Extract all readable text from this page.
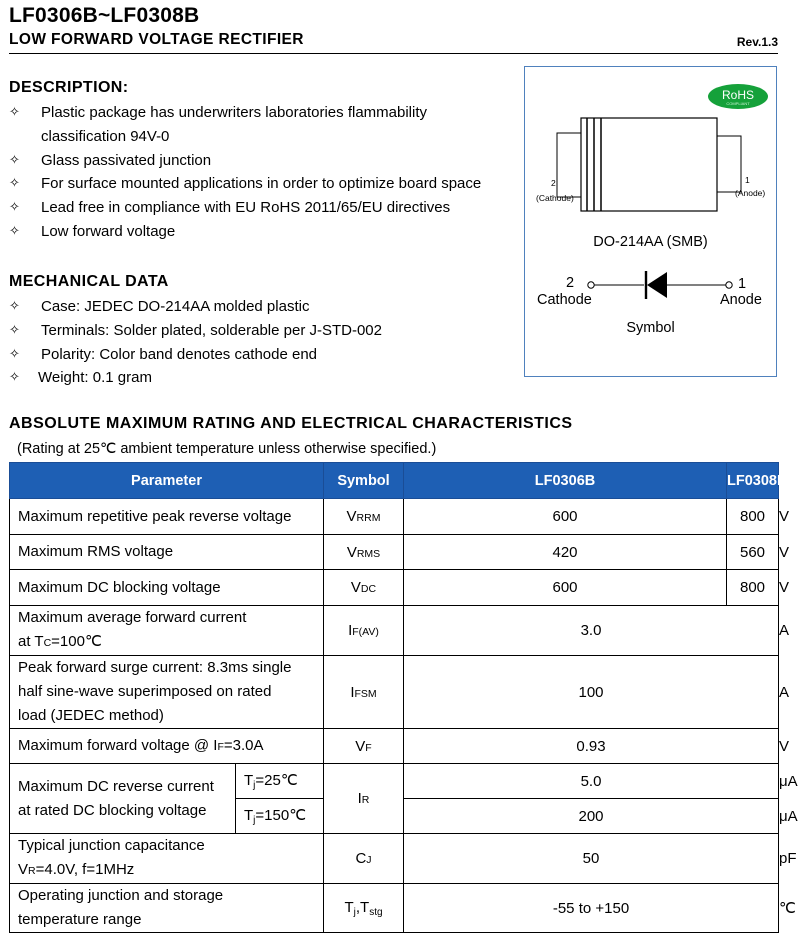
LF0306B~LF0308B
LOW FORWARD VOLTAGE RECTIFIER	Rev.1.3
DESCRIPTION:
✧ Plastic package has underwriters laboratories flammability
classification 94V-0
✧ Glass passivated junction
✧ For surface mounted applications in order to optimize board space
✧ Lead free in compliance with EU RoHS 2011/65/EU directives
✧ Low forward voltage
MECHANICAL DATA
✧ Case: JEDEC DO-214AA molded plastic
✧ Terminals: Solder plated, solderable per J-STD-002
✧ Polarity: Color band denotes cathode end
✧ Weight: 0.1 gram
RoHS
COMPLIANT
2
(Cathode)
1
(Anode)
DO-214AA (SMB)
2
Cathode
1
Anode
Symbol
ABSOLUTE MAXIMUM RATING AND ELECTRICAL CHARACTERISTICS
(Rating at 25℃ ambient temperature unless otherwise specified.)
Parameter		Symbol	LF0306B	LF0308B	Unit
Maximum repetitive peak reverse voltage		VRRM	600	800	V
Maximum RMS voltage		VRMS	420	560	V
Maximum DC blocking voltage		VDC	600	800	V

Maximum average forward current
at TC=100℃		IF(AV)	3.0		A

Peak forward surge current: 8.3ms single
half sine-wave superimposed on rated
load (JEDEC method)		IFSM	100		A
Maximum forward voltage @ IF=3.0A		VF	0.93		V

Maximum DC reverse current
at rated DC blocking voltage	$T_j=25℃$	IR	5.0		μA
	$T_j=150℃$		200		μA

Typical junction capacitance
VR=4.0V, f=1MHz		CJ	50		pF

Operating junction and storage
temperature range		$T_j,T_{stg}$	-55 to +150		℃
